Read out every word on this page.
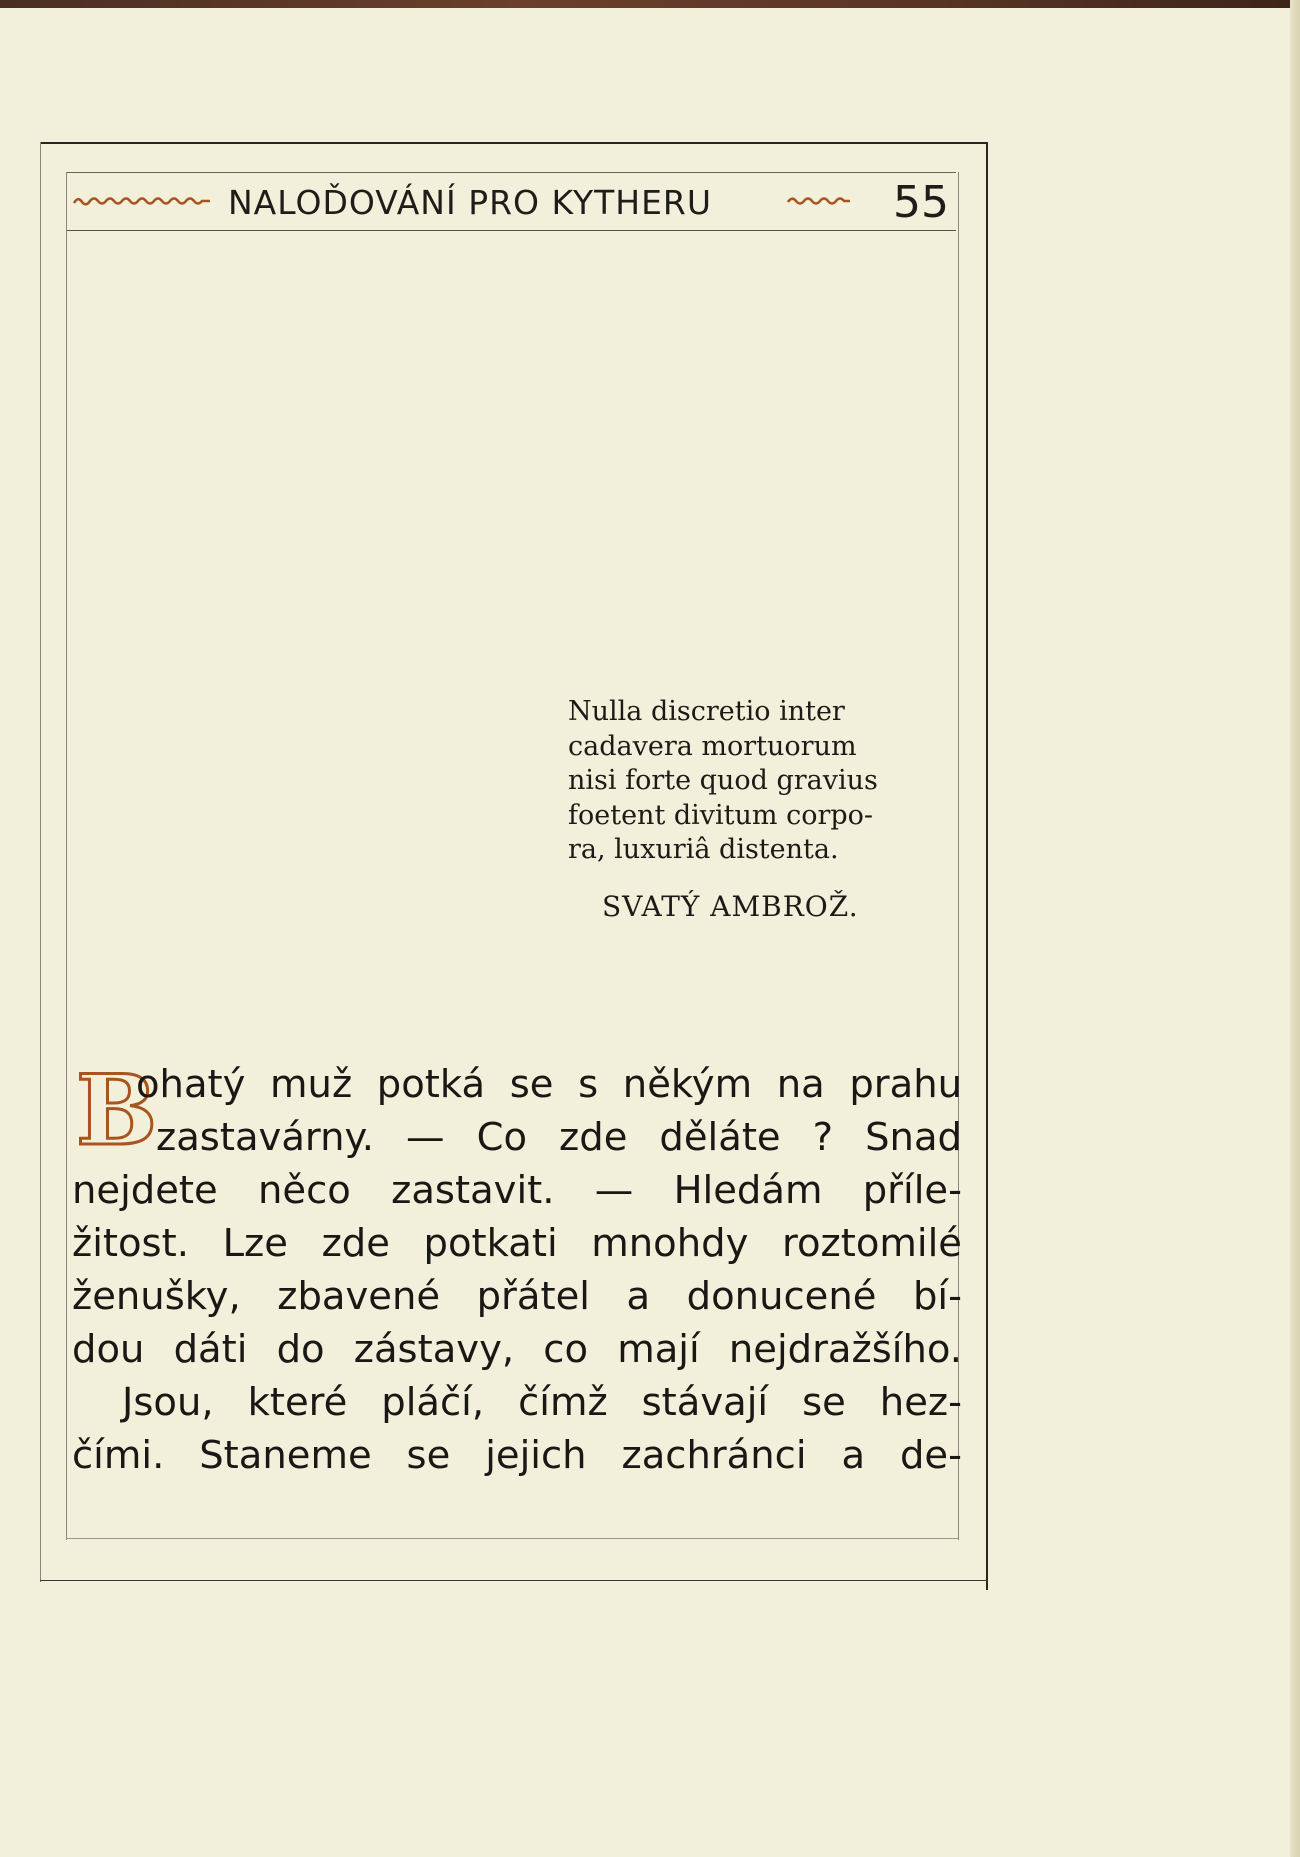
NALOĎOVÁNÍ PRO KYTHERU	55
Nulla discretio inter
cadavera mortuorum
nisi forte quod gravius
foetent divitum corpo-
ra, luxuriâ distenta.
SVATÝ AMBROŽ.
B
ohatý muž potká se s někým na prahu
zastavárny. — Co zde děláte ? Snad
nejdete něco zastavit. — Hledám příle-
žitost. Lze zde potkati mnohdy roztomilé
ženušky, zbavené přátel a donucené bí-
dou dáti do zástavy, co mají nejdražšího.
Jsou, které pláčí, čímž stávají se hez-
čími. Staneme se jejich zachránci a de-
